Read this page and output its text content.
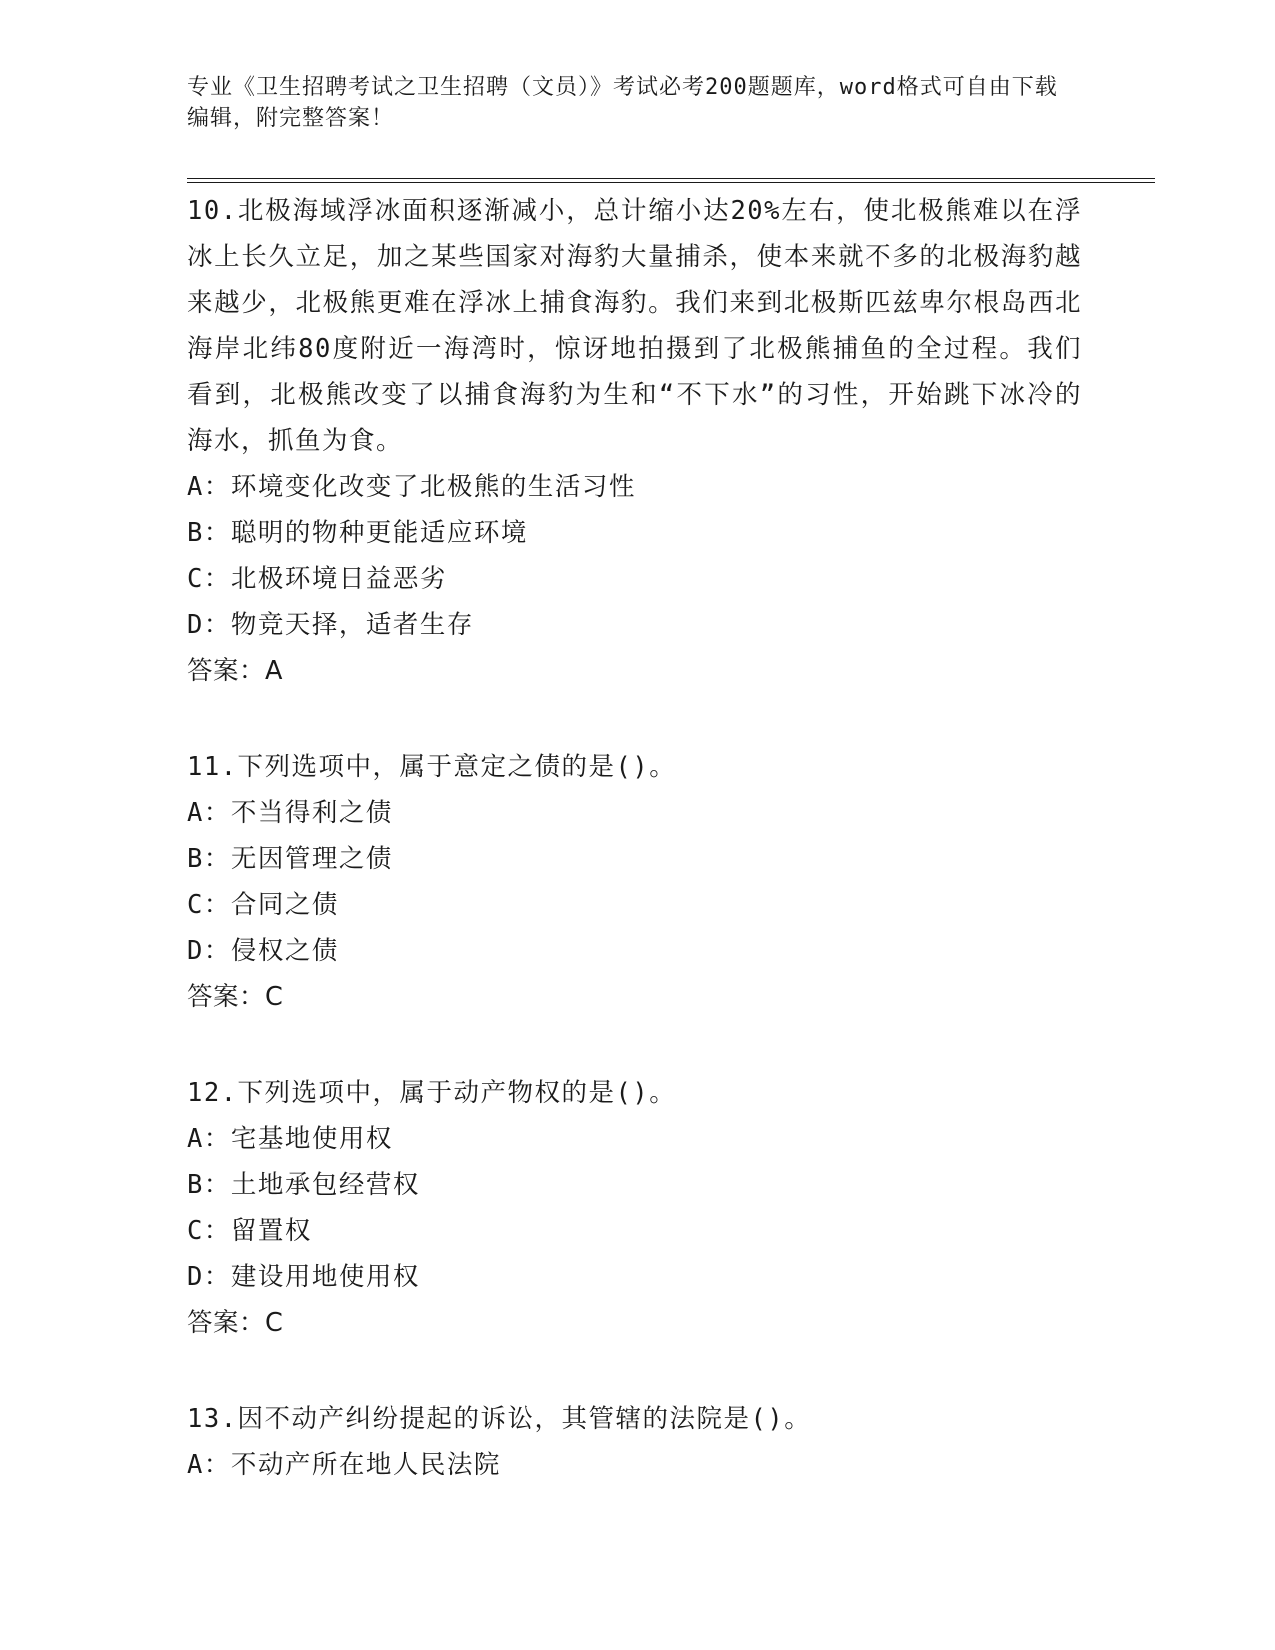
专业《卫生招聘考试之卫生招聘（文员）》考试必考200题题库，word格式可自由下载编辑，附完整答案！

10.北极海域浮冰面积逐渐减小，总计缩小达20%左右，使北极熊难以在浮冰上长久立足，加之某些国家对海豹大量捕杀，使本来就不多的北极海豹越来越少，北极熊更难在浮冰上捕食海豹。我们来到北极斯匹兹卑尔根岛西北海岸北纬80度附近一海湾时，惊讶地拍摄到了北极熊捕鱼的全过程。我们看到，北极熊改变了以捕食海豹为生和“不下水”的习性，开始跳下冰冷的海水，抓鱼为食。

A：环境变化改变了北极熊的生活习性

B：聪明的物种更能适应环境

C：北极环境日益恶劣

D：物竞天择，适者生存

答案：A

11.下列选项中，属于意定之债的是()。

A：不当得利之债

B：无因管理之债

C：合同之债

D：侵权之债

答案：C

12.下列选项中，属于动产物权的是()。

A：宅基地使用权

B：土地承包经营权

C：留置权

D：建设用地使用权

答案：C

13.因不动产纠纷提起的诉讼，其管辖的法院是()。

A：不动产所在地人民法院
